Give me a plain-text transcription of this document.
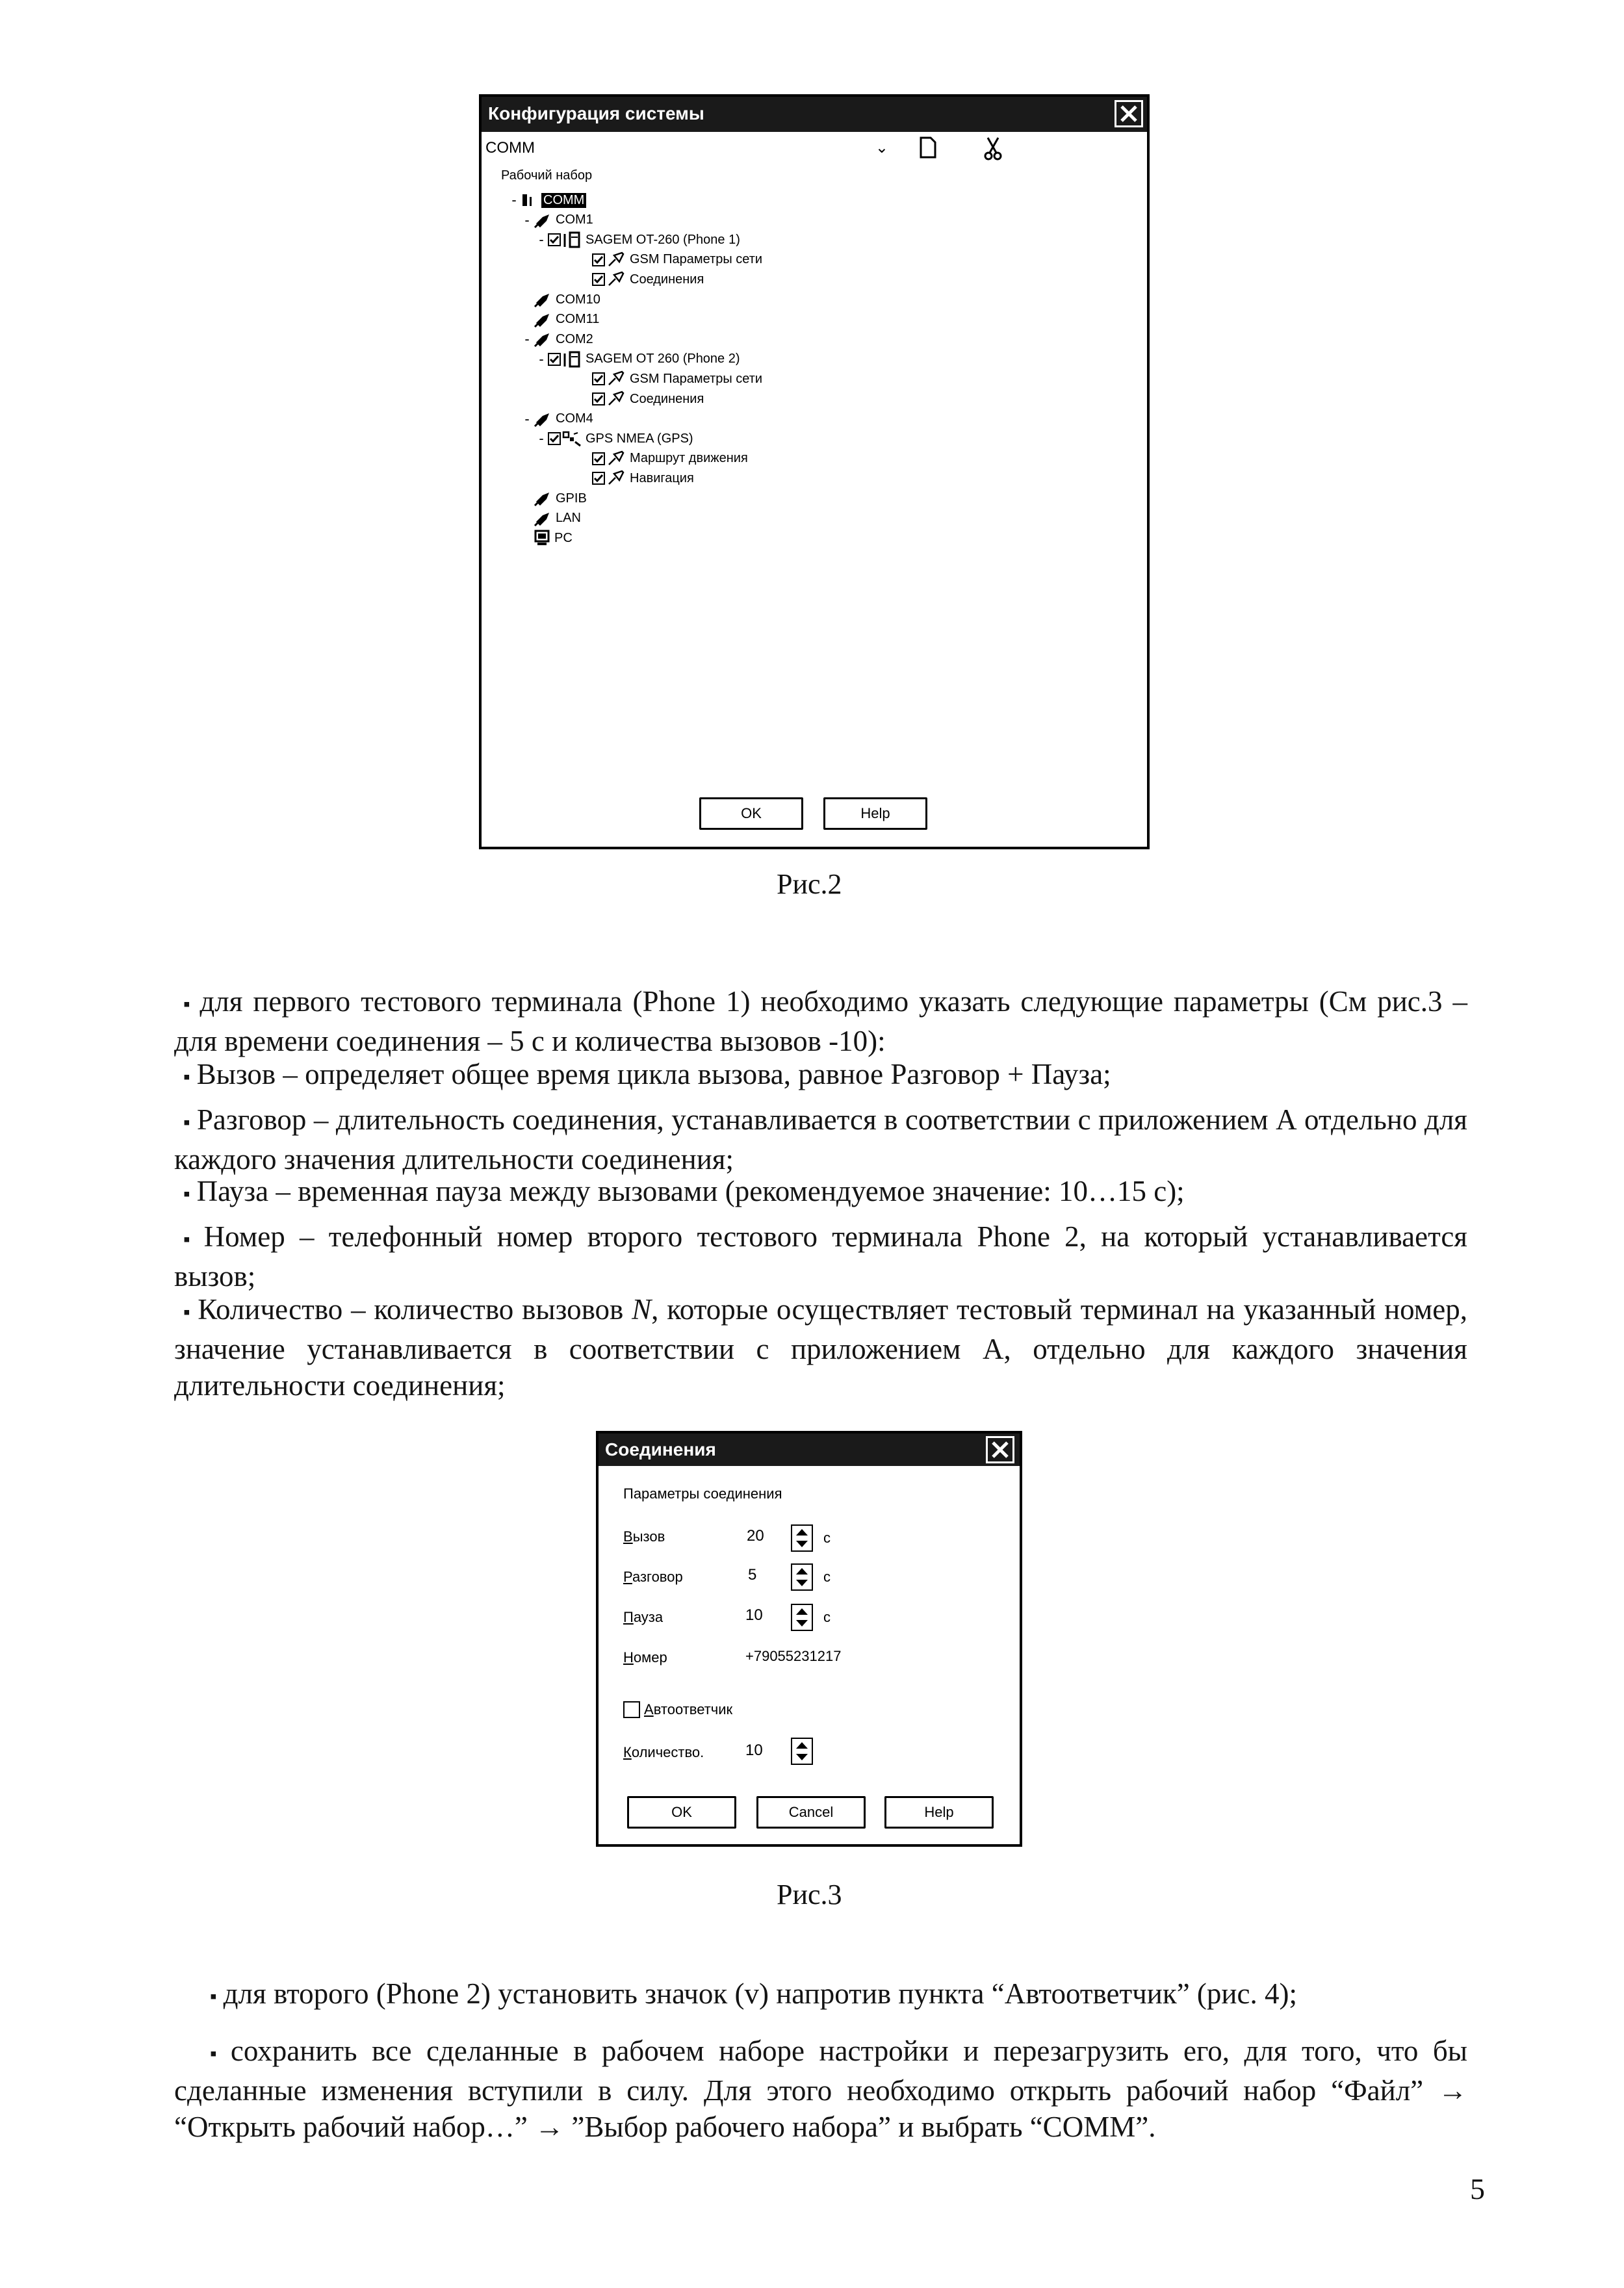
Конфигурация системы
COMM	⌄
Рабочий набор
-	COMM
-	COM1
-	SAGEM OT-260 (Phone 1)
GSM Параметры сети
Соединения
COM10
COM11
-	COM2
-	SAGEM OT 260 (Phone 2)
GSM Параметры сети
Соединения
-	COM4
-	GPS NMEA (GPS)
Маршрут движения
Навигация
GPIB
LAN
PC
OK	Help
Рис.2
▪ для первого тестового терминала (Phone 1) необходимо указать следующие параметры (См рис.3 –для времени соединения – 5 с и количества вызовов -10):
▪ Вызов – определяет общее время цикла вызова, равное Разговор + Пауза;
▪ Разговор – длительность соединения, устанавливается в соответствии с приложением А отдельно для каждого значения длительности соединения;
▪ Пауза – временная пауза между вызовами (рекомендуемое значение: 10…15 с);
▪ Номер – телефонный номер второго тестового терминала Phone 2, на который устанавливается вызов;
▪ Количество – количество вызовов N, которые осуществляет тестовый терминал на указанный номер, значение устанавливается в соответствии с приложением А, отдельно для каждого значения длительности соединения;
Соединения
Параметры соединения
Вызов	20	с
Разговор	5	с
Пауза	10	с
Номер	+79055231217
Автоответчик
Количество.	10
OK	Cancel	Help
Рис.3
▪ для второго (Phone 2) установить значок (v) напротив пункта “Автоответчик” (рис. 4);
▪ сохранить все сделанные в рабочем наборе настройки и перезагрузить его, для того, что бы сделанные изменения вступили в силу. Для этого необходимо открыть рабочий набор “Файл” → “Открыть рабочий набор…” → ”Выбор рабочего набора” и выбрать “COMM”.
5
